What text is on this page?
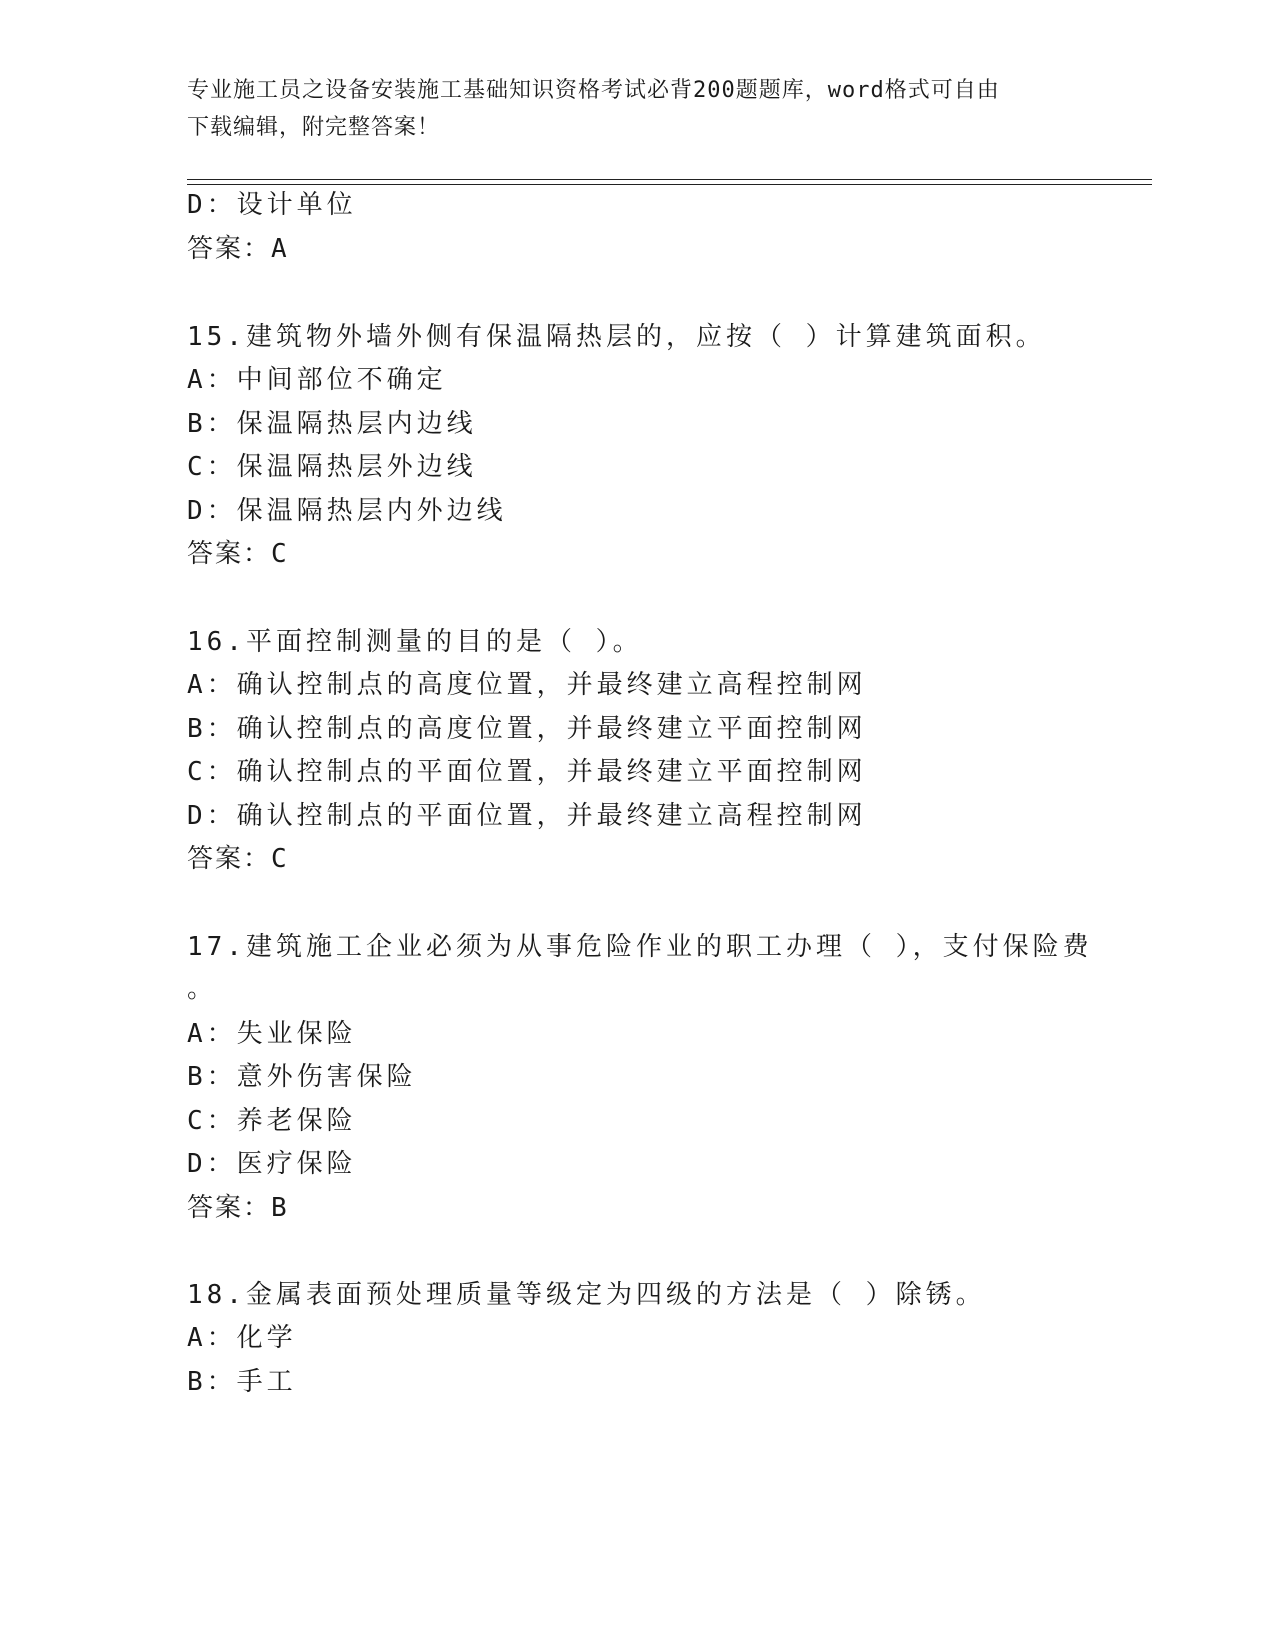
专业施工员之设备安装施工基础知识资格考试必背200题题库，word格式可自由
下载编辑，附完整答案！
D：设计单位
答案：A
15.建筑物外墙外侧有保温隔热层的，应按（ ）计算建筑面积。
A：中间部位不确定
B：保温隔热层内边线
C：保温隔热层外边线
D：保温隔热层内外边线
答案：C
16.平面控制测量的目的是（ ）。
A：确认控制点的高度位置，并最终建立高程控制网
B：确认控制点的高度位置，并最终建立平面控制网
C：确认控制点的平面位置，并最终建立平面控制网
D：确认控制点的平面位置，并最终建立高程控制网
答案：C
17.建筑施工企业必须为从事危险作业的职工办理（ ），支付保险费
。
A：失业保险
B：意外伤害保险
C：养老保险
D：医疗保险
答案：B
18.金属表面预处理质量等级定为四级的方法是（ ）除锈。
A：化学
B：手工
